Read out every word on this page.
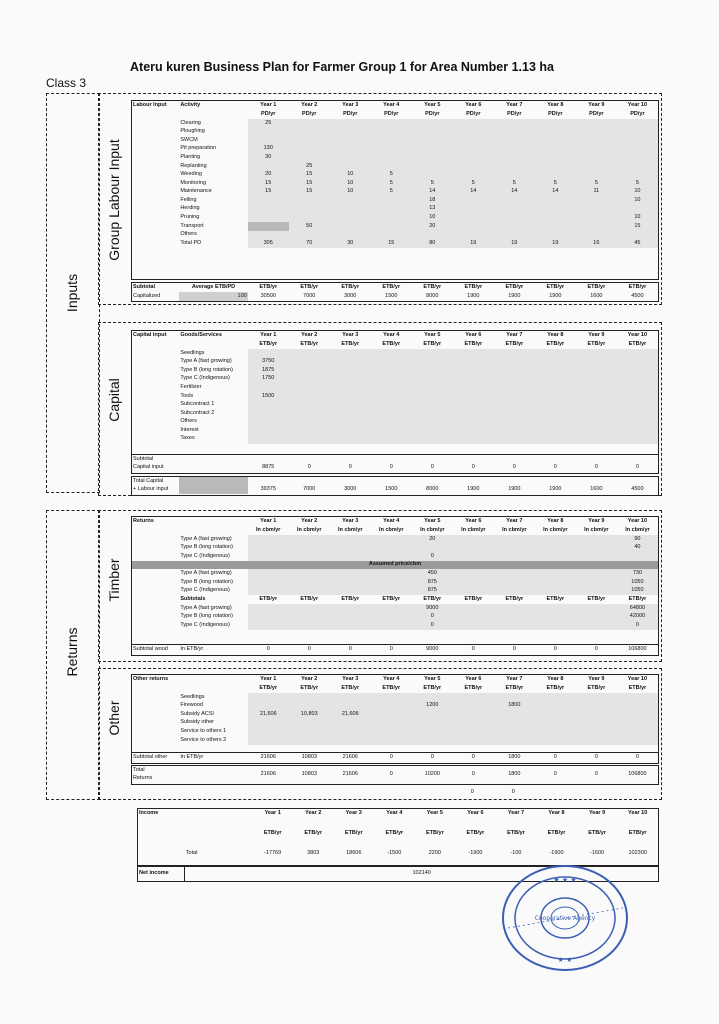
Ateru kuren Business Plan for Farmer Group 1 for Area Number 1.13 ha
Class 3
Inputs
Returns
Group Labour Input
Capital
Timber
Other
Labour Input	Activity	Year 1	Year 2	Year 3	Year 4	Year 5	Year 6	Year 7	Year 8	Year 9	Year 10
		PD/yr	PD/yr	PD/yr	PD/yr	PD/yr	PD/yr	PD/yr	PD/yr	PD/yr	PD/yr
	Clearing	25									
	Ploughing										
	SWCM										
	Pit preparation	130									
	Planting	30									
	Replanting		25								
	Weeding	20	15	10	5						
	Monitoring	15	15	10	5	5	5	5	5	5	5
	Maintenance	15	15	10	5	14	14	14	14	11	10
	Felling					18					10
	Herding					13					
	Pruning					10					10
	Transport		50			20					15
	Others										
	Total PD	305	70	30	15	80	19	19	19	16	45
Subtotal	Average ETB/PD	ETB/yr	ETB/yr	ETB/yr	ETB/yr	ETB/yr	ETB/yr	ETB/yr	ETB/yr	ETB/yr	ETB/yr
Capitalized	100	30500	7000	3000	1500	8000	1900	1900	1900	1600	4500
Capital input	Goods/Services	Year 1	Year 2	Year 3	Year 4	Year 5	Year 6	Year 7	Year 8	Year 9	Year 10
		ETB/yr	ETB/yr	ETB/yr	ETB/yr	ETB/yr	ETB/yr	ETB/yr	ETB/yr	ETB/yr	ETB/yr
	Seedlings										
	Type A (fast growing)	3750									
	Type B (long rotation)	1875									
	Type C (Indigenous)	1750									
	Fertilizer										
	Tools	1500									
	Subcontract 1										
	Subcontract 2										
	Others										
	Interest										
	Taxes										
Subtotal											
Capital input		8875	0	0	0	0	0	0	0	0	0
Total Capital											
+ Labour input		39375	7000	3000	1500	8000	1900	1900	1900	1600	4500
Returns		Year 1	Year 2	Year 3	Year 4	Year 5	Year 6	Year 7	Year 8	Year 9	Year 10
		In cbm/yr	In cbm/yr	In cbm/yr	In cbm/yr	In cbm/yr	In cbm/yr	In cbm/yr	In cbm/yr	In cbm/yr	In cbm/yr
	Type A (fast growing)					20					90
	Type B (long rotation)										40
	Type C (Indigenous)					0					
Assumed price/cbm											
	Type A (fast growing)					450					730
	Type B (long rotation)					875					1050
	Type C (Indigenous)					875					1050
	Subtotals	ETB/yr	ETB/yr	ETB/yr	ETB/yr	ETB/yr	ETB/yr	ETB/yr	ETB/yr	ETB/yr	ETB/yr
	Type A (fast growing)					9000					64800
	Type B (long rotation)					0					42000
	Type C (Indigenous)					0					0
Subtotal wood	In ETB/yr	0	0	0	0	9000	0	0	0	0	106800
Other returns		Year 1	Year 2	Year 3	Year 4	Year 5	Year 6	Year 7	Year 8	Year 9	Year 10
		ETB/yr	ETB/yr	ETB/yr	ETB/yr	ETB/yr	ETB/yr	ETB/yr	ETB/yr	ETB/yr	ETB/yr
	Seedlings										
	Firewood					1200		1800			
	Subsidy ACSI	21,606	10,803	21,606							
	Subsidy other										
	Service to others 1										
	Service to others 2										
Subtotal other	In ETB/yr	21606	10803	21606	0	0	0	1800	0	0	0
Total		21606	10803	21606	0	10200	0	1800	0	0	106800
Returns											
							0	0			
Income		Year 1	Year 2	Year 3	Year 4	Year 5	Year 6	Year 7	Year 8	Year 9	Year 10

		ETB/yr	ETB/yr	ETB/yr	ETB/yr	ETB/yr	ETB/yr	ETB/yr	ETB/yr	ETB/yr	ETB/yr

	Total	-17769	3803	18606	-1500	2200	-1900	-100	-1900	-1600	102300
Net income	102140
★ ★ ★
★ ★
Cooperative Agency
